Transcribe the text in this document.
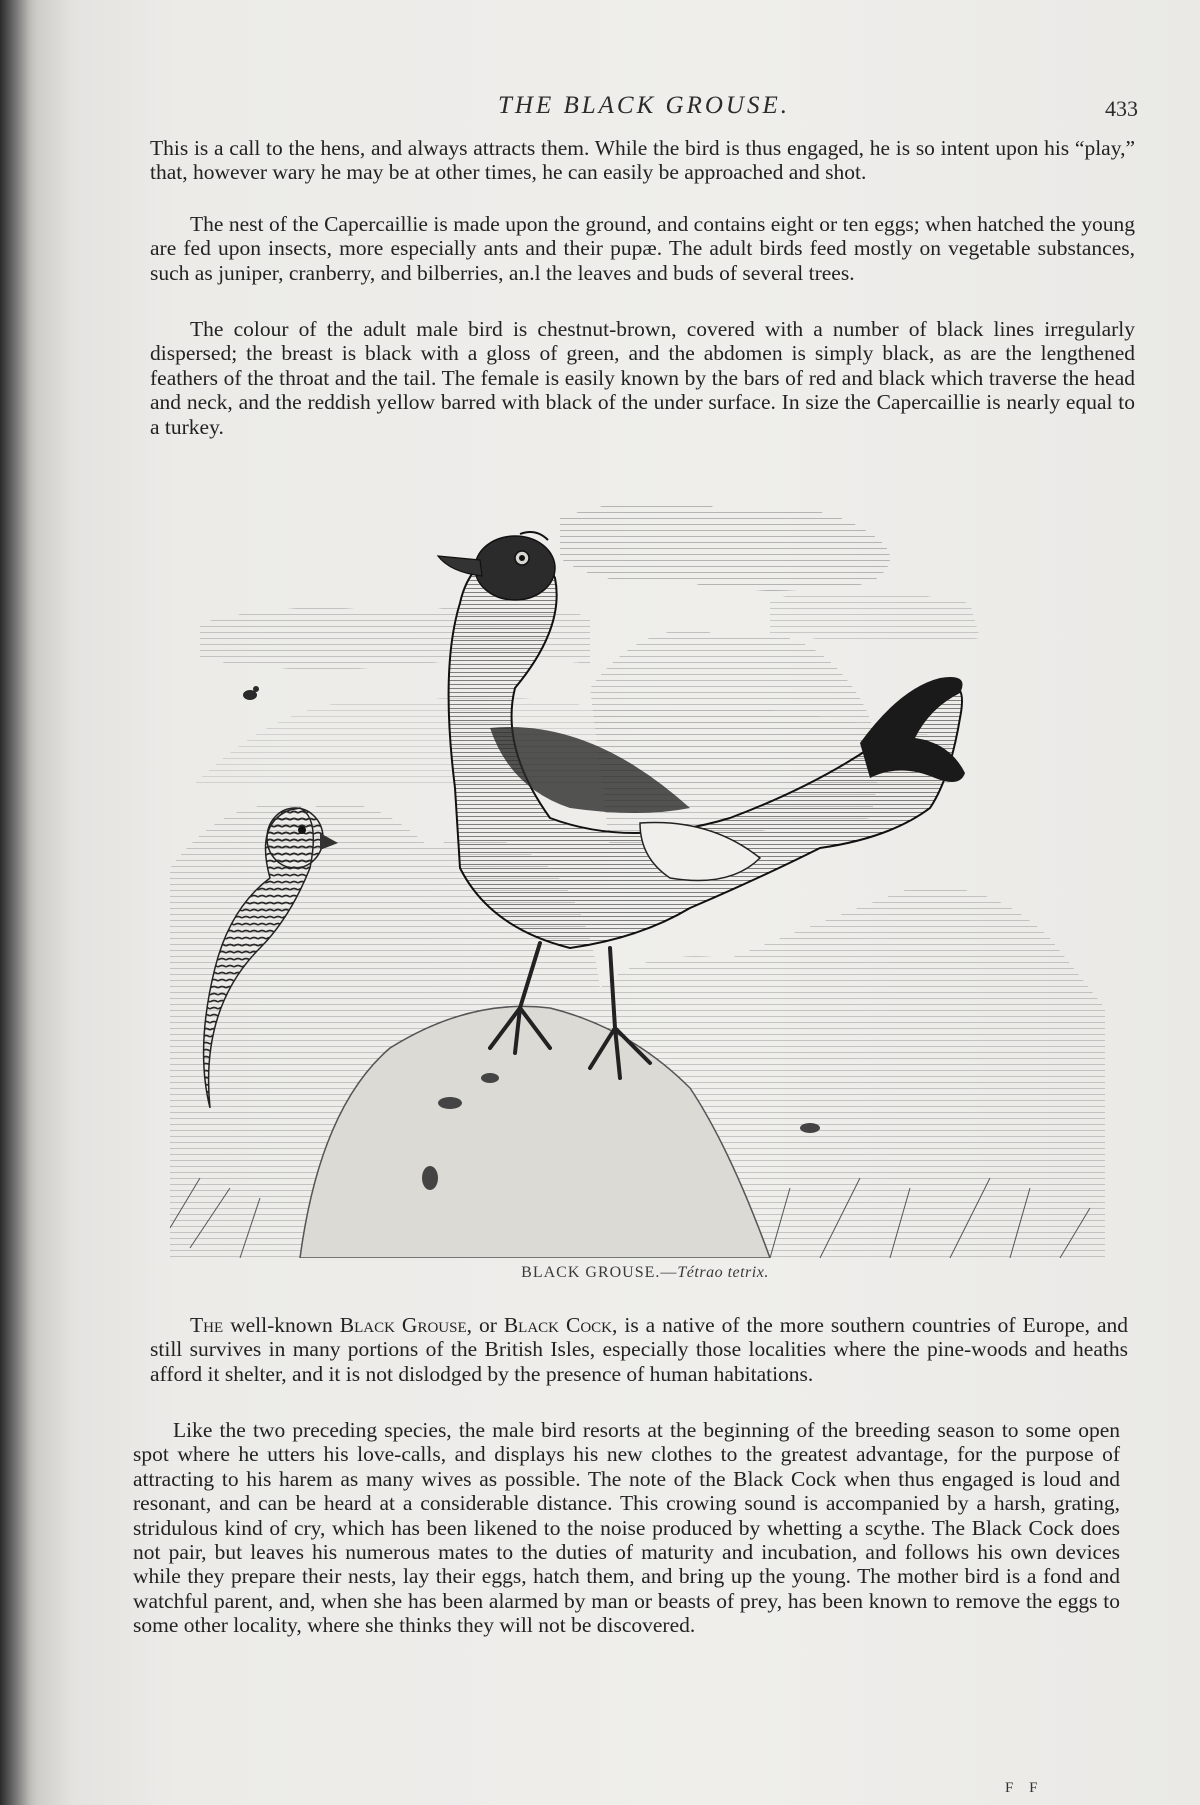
THE BLACK GROUSE.	433

This is a call to the hens, and always attracts them. While the bird is thus engaged, he is so intent upon his “play,” that, however wary he may be at other times, he can easily be approached and shot.

The nest of the Capercaillie is made upon the ground, and contains eight or ten eggs; when hatched the young are fed upon insects, more especially ants and their pupæ. The adult birds feed mostly on vegetable substances, such as juniper, cranberry, and bilberries, an.l the leaves and buds of several trees.

The colour of the adult male bird is chestnut-brown, covered with a number of black lines irregularly dispersed; the breast is black with a gloss of green, and the abdomen is simply black, as are the lengthened feathers of the throat and the tail. The female is easily known by the bars of red and black which traverse the head and neck, and the reddish yellow barred with black of the under surface. In size the Capercaillie is nearly equal to a turkey.

BLACK GROUSE.—Tétrao tetrix.

The well-known Black Grouse, or Black Cock, is a native of the more southern countries of Europe, and still survives in many portions of the British Isles, especially those localities where the pine-woods and heaths afford it shelter, and it is not dislodged by the presence of human habitations.

Like the two preceding species, the male bird resorts at the beginning of the breeding season to some open spot where he utters his love-calls, and displays his new clothes to the greatest advantage, for the purpose of attracting to his harem as many wives as possible. The note of the Black Cock when thus engaged is loud and resonant, and can be heard at a considerable distance. This crowing sound is accompanied by a harsh, grating, stridulous kind of cry, which has been likened to the noise produced by whetting a scythe. The Black Cock does not pair, but leaves his numerous mates to the duties of maturity and incubation, and follows his own devices while they prepare their nests, lay their eggs, hatch them, and bring up the young. The mother bird is a fond and watchful parent, and, when she has been alarmed by man or beasts of prey, has been known to remove the eggs to some other locality, where she thinks they will not be discovered.

F F
